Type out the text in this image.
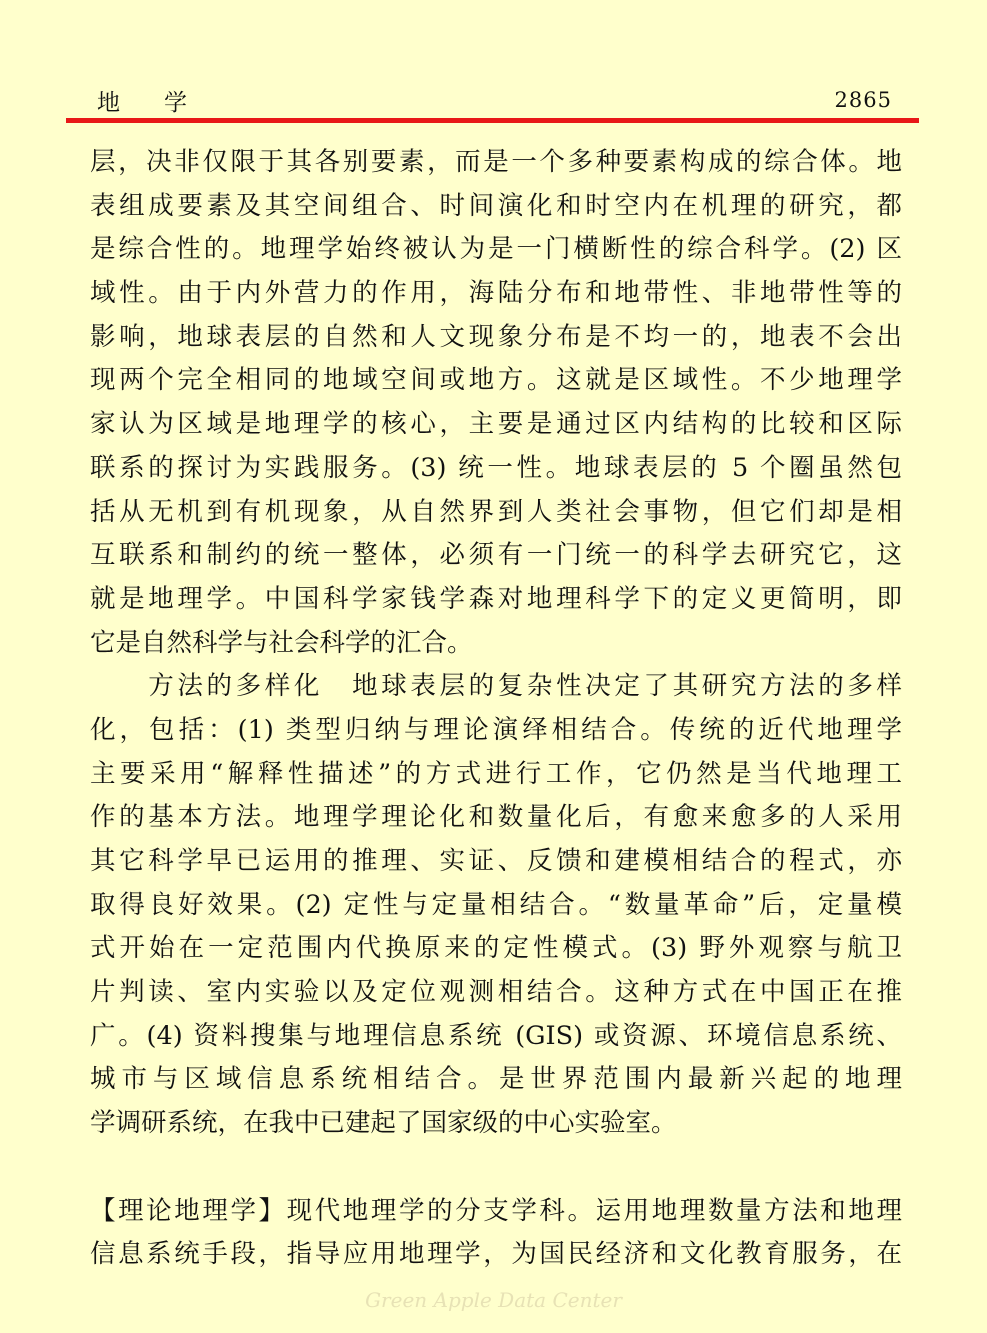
地学	2865
层，决非仅限于其各别要素，而是一个多种要素构成的综合体。地
表组成要素及其空间组合、时间演化和时空内在机理的研究，都
是综合性的。地理学始终被认为是一门横断性的综合科学。(2) 区
域性。由于内外营力的作用，海陆分布和地带性、非地带性等的
影响，地球表层的自然和人文现象分布是不均一的，地表不会出
现两个完全相同的地域空间或地方。这就是区域性。不少地理学
家认为区域是地理学的核心，主要是通过区内结构的比较和区际
联系的探讨为实践服务。(3) 统一性。地球表层的 5 个圈虽然包
括从无机到有机现象，从自然界到人类社会事物，但它们却是相
互联系和制约的统一整体，必须有一门统一的科学去研究它，这
就是地理学。中国科学家钱学森对地理科学下的定义更简明，即
它是自然科学与社会科学的汇合。
　　方法的多样化　地球表层的复杂性决定了其研究方法的多样
化，包括：(1) 类型归纳与理论演绎相结合。传统的近代地理学
主要采用“解释性描述”的方式进行工作，它仍然是当代地理工
作的基本方法。地理学理论化和数量化后，有愈来愈多的人采用
其它科学早已运用的推理、实证、反馈和建模相结合的程式，亦
取得良好效果。(2) 定性与定量相结合。“数量革命”后，定量模
式开始在一定范围内代换原来的定性模式。(3) 野外观察与航卫
片判读、室内实验以及定位观测相结合。这种方式在中国正在推
广。(4) 资料搜集与地理信息系统 (GIS) 或资源、环境信息系统、
城市与区域信息系统相结合。是世界范围内最新兴起的地理
学调研系统，在我中已建起了国家级的中心实验室。
【理论地理学】现代地理学的分支学科。运用地理数量方法和地理
信息系统手段，指导应用地理学，为国民经济和文化教育服务，在
Green Apple Data Center
